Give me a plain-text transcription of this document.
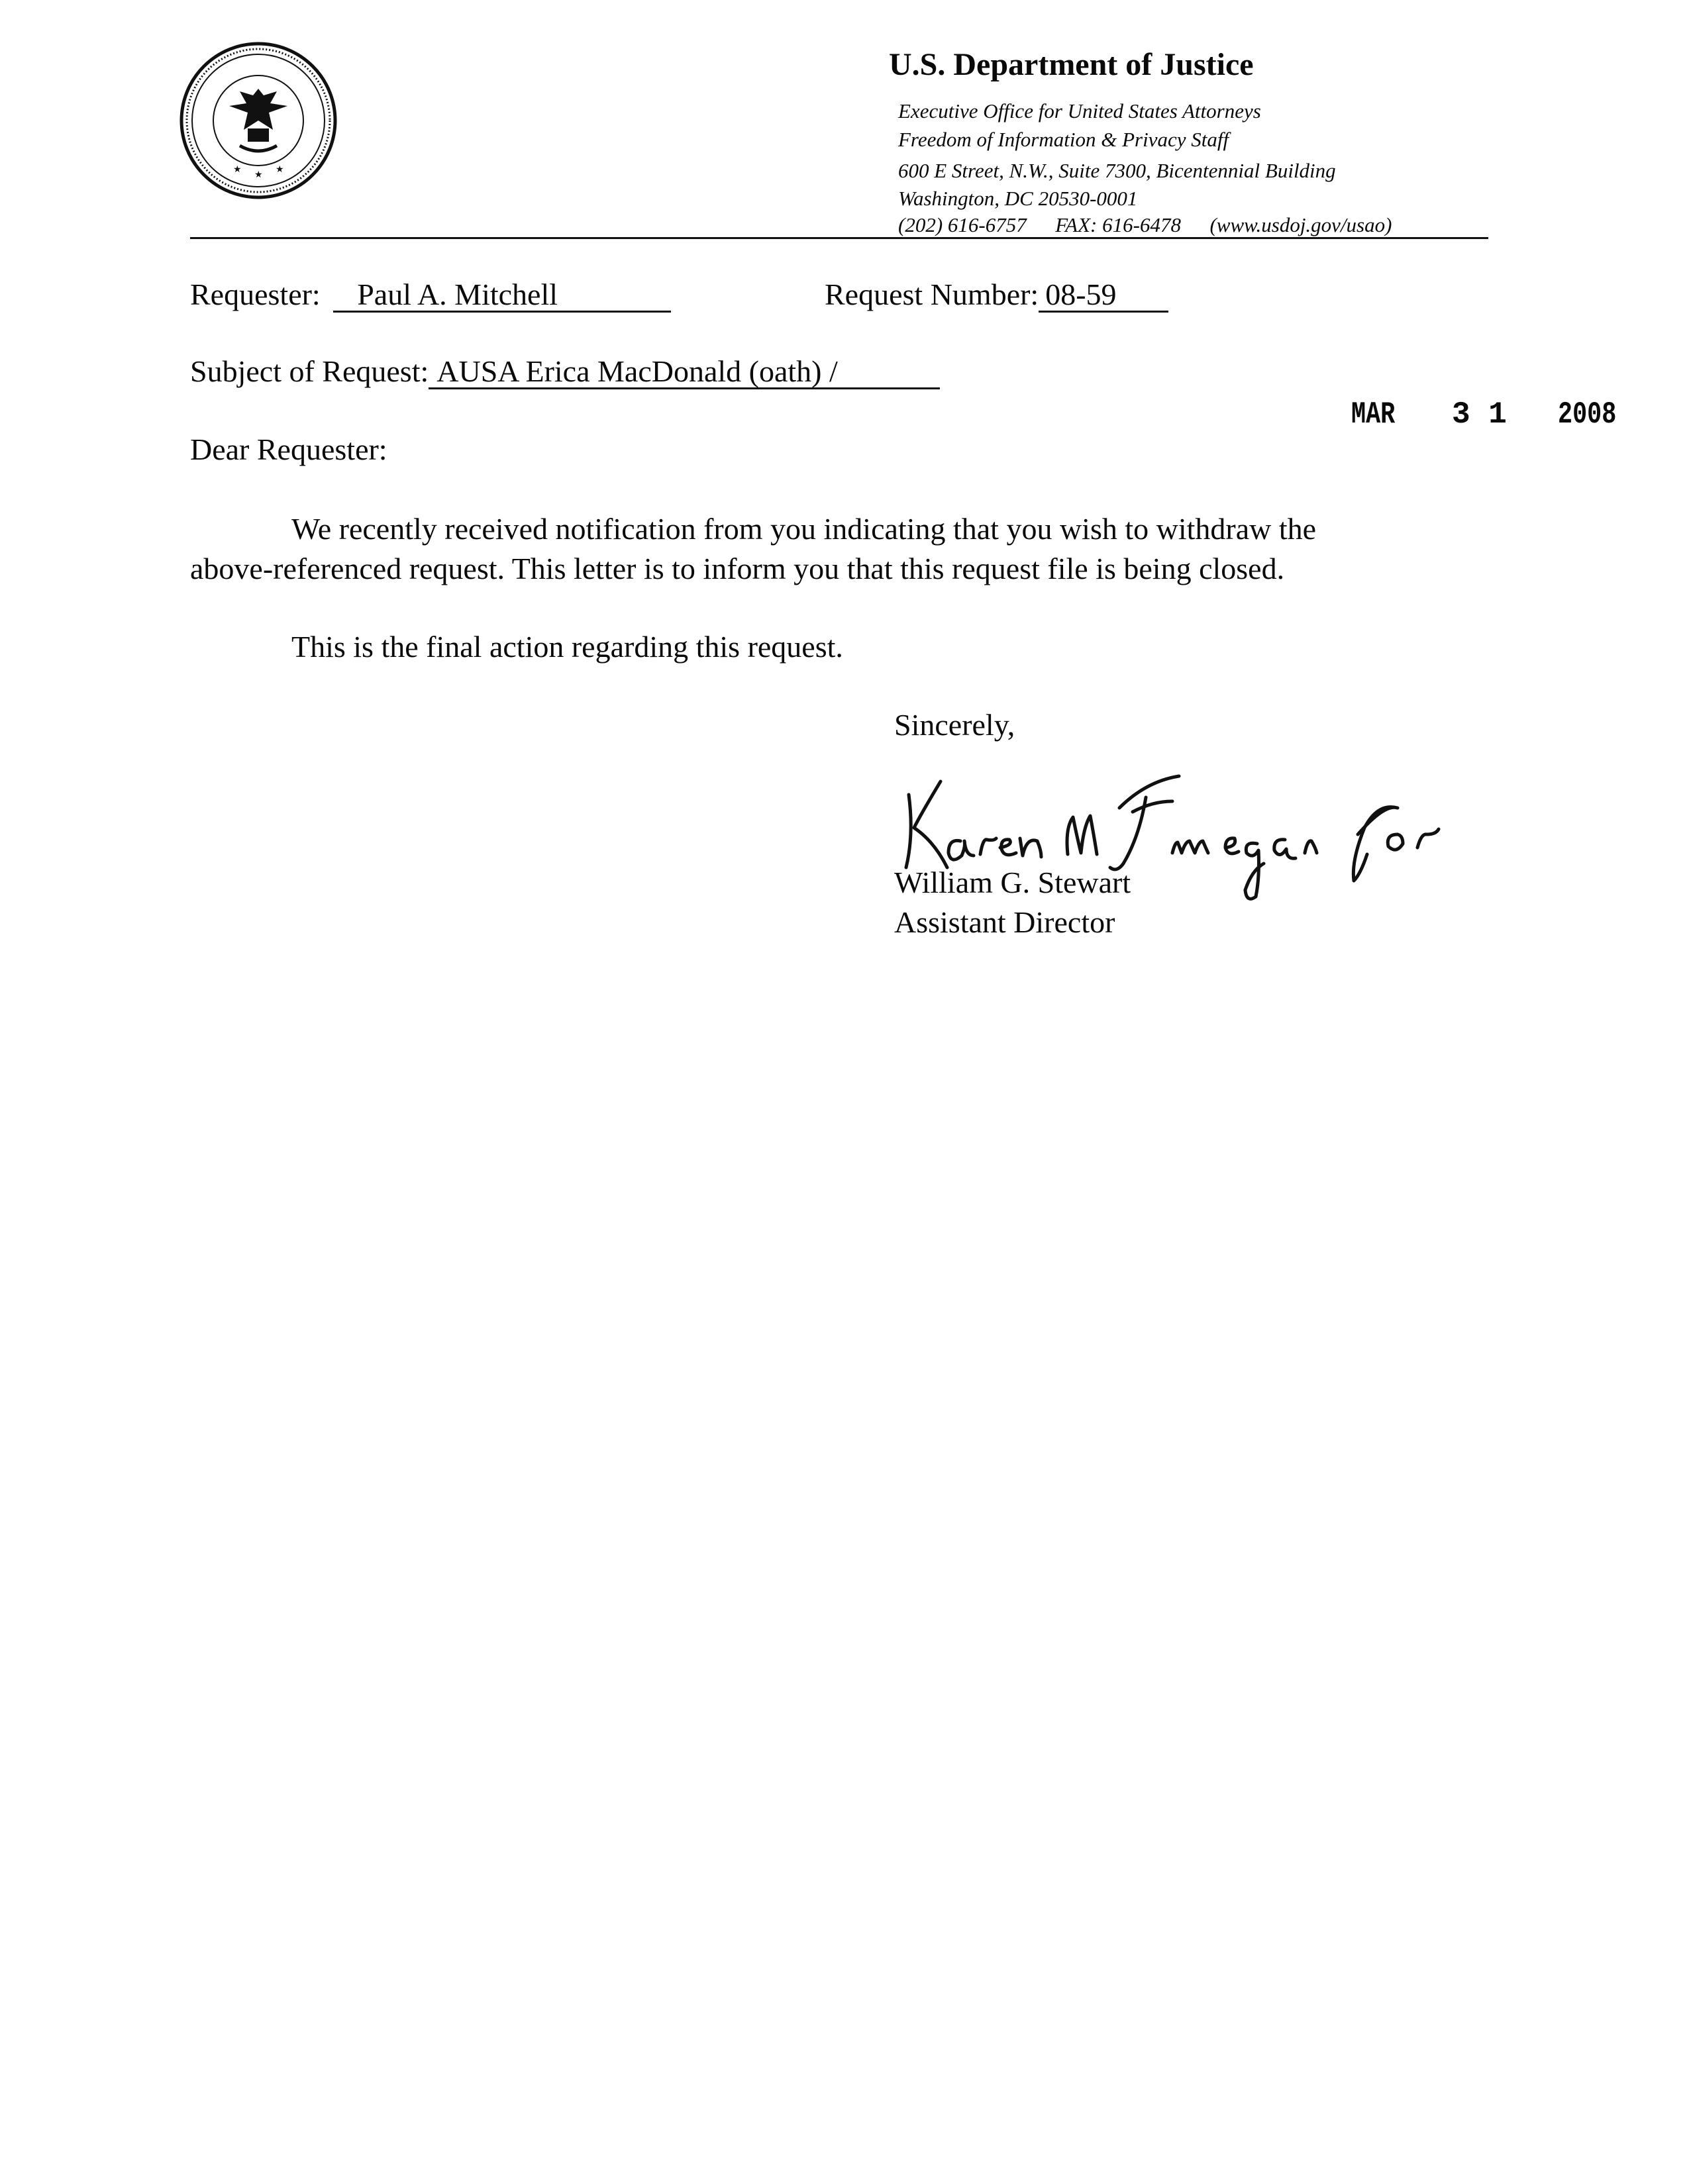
★
★
★
U.S. Department of Justice
Executive Office for United States Attorneys
Freedom of Information & Privacy Staff
600 E Street, N.W., Suite 7300, Bicentennial Building
Washington, DC 20530-0001
(202) 616-6757 FAX: 616-6478 (www.usdoj.gov/usao)
Requester: Paul A. Mitchell	Request Number: 08-59
Subject of Request: AUSA Erica MacDonald (oath) /
MAR 3 1 2008
Dear Requester:
We recently received notification from you indicating that you wish to withdraw the
above-referenced request. This letter is to inform you that this request file is being closed.
This is the final action regarding this request.
Sincerely,
William G. Stewart
Assistant Director
